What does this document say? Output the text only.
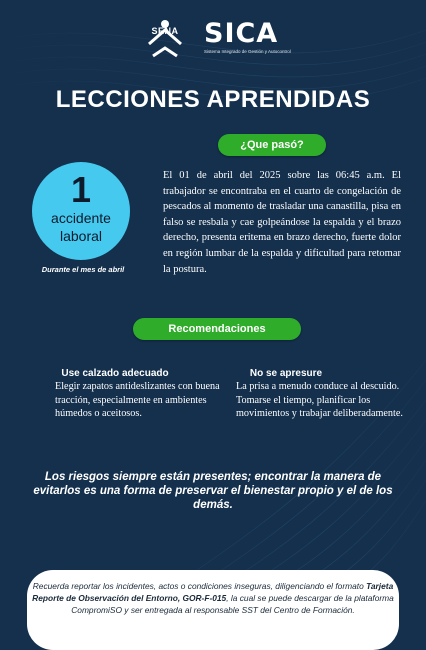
SENA SICA
Sistema Integrado de Gestión y Autocontrol
LECCIONES APRENDIDAS
¿Que pasó?
1
accidente
laboral
Durante el mes de abril
El 01 de abril del 2025 sobre las 06:45 a.m. El trabajador se encontraba en el cuarto de congelación de pescados al momento de trasladar una canastilla, pisa en falso se resbala y cae golpeándose la espalda y el brazo derecho, presenta eritema en brazo derecho, fuerte dolor en región lumbar de la espalda y dificultad para retomar la postura.
Recomendaciones
Use calzado adecuado
Elegir zapatos antideslizantes con buena tracción, especialmente en ambientes húmedos o aceitosos.
No se apresure
La prisa a menudo conduce al descuido. Tomarse el tiempo, planificar los movimientos y trabajar deliberadamente.
Los riesgos siempre están presentes; encontrar la manera de evitarlos es una forma de preservar el bienestar propio y el de los demás.
Recuerda reportar los incidentes, actos o condiciones inseguras, diligenciando el formato Tarjeta Reporte de Observación del Entorno, GOR-F-015, la cual se puede descargar de la plataforma CompromiSO y ser entregada al responsable SST del Centro de Formación.
